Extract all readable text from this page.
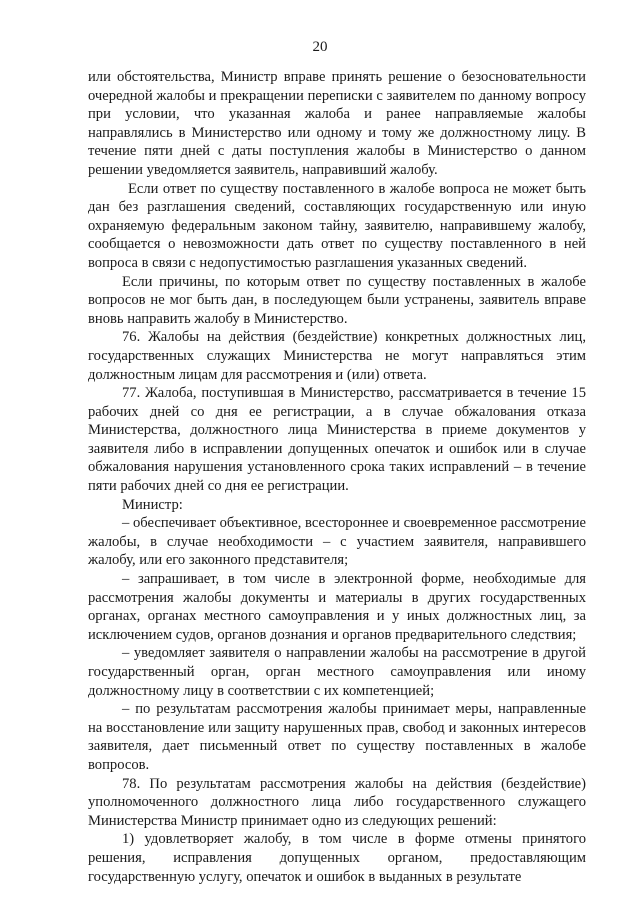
20

или обстоятельства, Министр вправе принять решение о безосновательности очередной жалобы и прекращении переписки с заявителем по данному вопросу при условии, что указанная жалоба и ранее направляемые жалобы направлялись в Министерство или одному и тому же должностному лицу. В течение пяти дней с даты поступления жалобы в Министерство о данном решении уведомляется заявитель, направивший жалобу.

Если ответ по существу поставленного в жалобе вопроса не может быть дан без разглашения сведений, составляющих государственную или иную охраняемую федеральным законом тайну, заявителю, направившему жалобу, сообщается о невозможности дать ответ по существу поставленного в ней вопроса в связи с недопустимостью разглашения указанных сведений.

Если причины, по которым ответ по существу поставленных в жалобе вопросов не мог быть дан, в последующем были устранены, заявитель вправе вновь направить жалобу в Министерство.

76. Жалобы на действия (бездействие) конкретных должностных лиц, государственных служащих Министерства не могут направляться этим должностным лицам для рассмотрения и (или) ответа.

77. Жалоба, поступившая в Министерство, рассматривается в течение 15 рабочих дней со дня ее регистрации, а в случае обжалования отказа Министерства, должностного лица Министерства в приеме документов у заявителя либо в исправлении допущенных опечаток и ошибок или в случае обжалования нарушения установленного срока таких исправлений – в течение пяти рабочих дней со дня ее регистрации.

Министр:

– обеспечивает объективное, всестороннее и своевременное рассмотрение жалобы, в случае необходимости – с участием заявителя, направившего жалобу, или его законного представителя;

– запрашивает, в том числе в электронной форме, необходимые для рассмотрения жалобы документы и материалы в других государственных органах, органах местного самоуправления и у иных должностных лиц, за исключением судов, органов дознания и органов предварительного следствия;

– уведомляет заявителя о направлении жалобы на рассмотрение в другой государственный орган, орган местного самоуправления или иному должностному лицу в соответствии с их компетенцией;

– по результатам рассмотрения жалобы принимает меры, направленные на восстановление или защиту нарушенных прав, свобод и законных интересов заявителя, дает письменный ответ по существу поставленных в жалобе вопросов.

78. По результатам рассмотрения жалобы на действия (бездействие) уполномоченного должностного лица либо государственного служащего Министерства Министр принимает одно из следующих решений:

1) удовлетворяет жалобу, в том числе в форме отмены принятого решения, исправления допущенных органом, предоставляющим государственную услугу, опечаток и ошибок в выданных в результате
